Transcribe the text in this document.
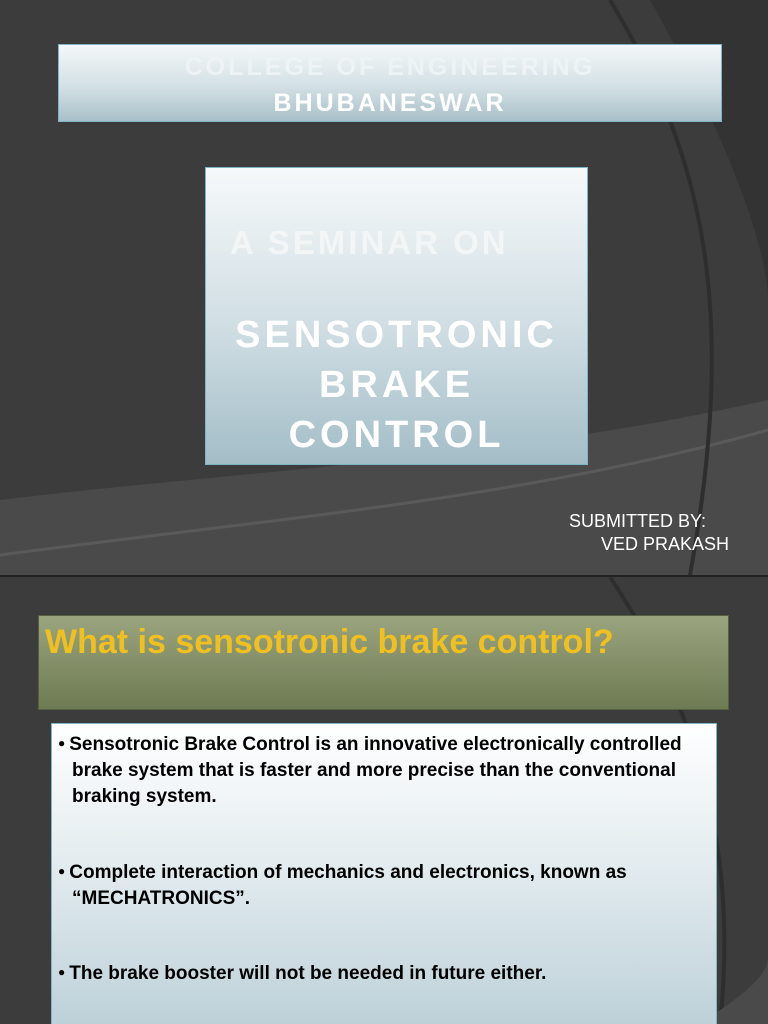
COLLEGE OF ENGINEERING
BHUBANESWAR
A SEMINAR ON
SENSOTRONIC
BRAKE
CONTROL
SUBMITTED BY:
VED PRAKASH
What is sensotronic brake control?
● Sensotronic Brake Control is an innovative electronically controlled brake system that is faster and more precise than the conventional braking system.
● Complete interaction of mechanics and electronics, known as “MECHATRONICS”.
● The brake booster will not be needed in future either.
